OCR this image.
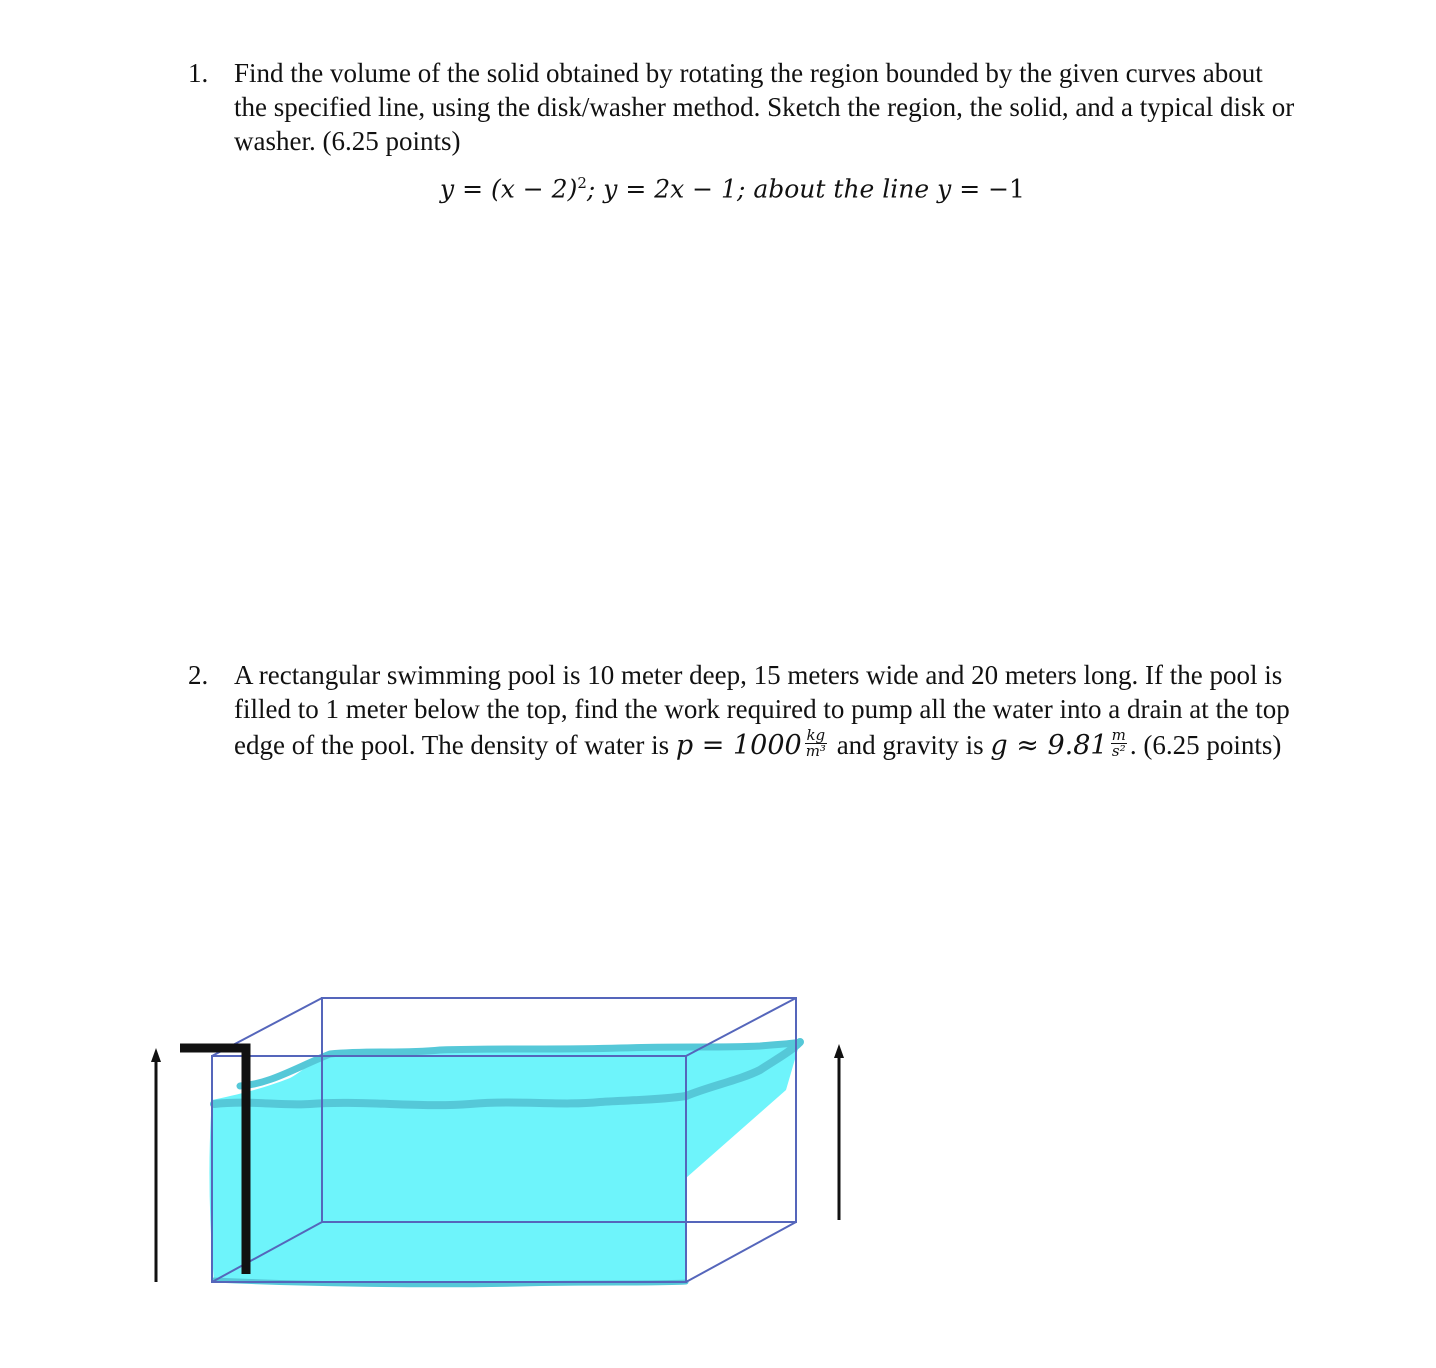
1. Find the volume of the solid obtained by rotating the region bounded by the given curves about
the specified line, using the disk/washer method. Sketch the region, the solid, and a typical disk or
washer. (6.25 points)
$y = (x - 2)^2$; y = 2x − 1; about the line y = −1
2. A rectangular swimming pool is 10 meter deep, 15 meters wide and 20 meters long. If the pool is
filled to 1 meter below the top, find the work required to pump all the water into a drain at the top
edge of the pool. The density of water is $p = 1000 \frac{kg}{\text{m³}}$ and gravity is $g \approx 9.81 \frac{m}{\text{s²}}$ . (6.25 points)
